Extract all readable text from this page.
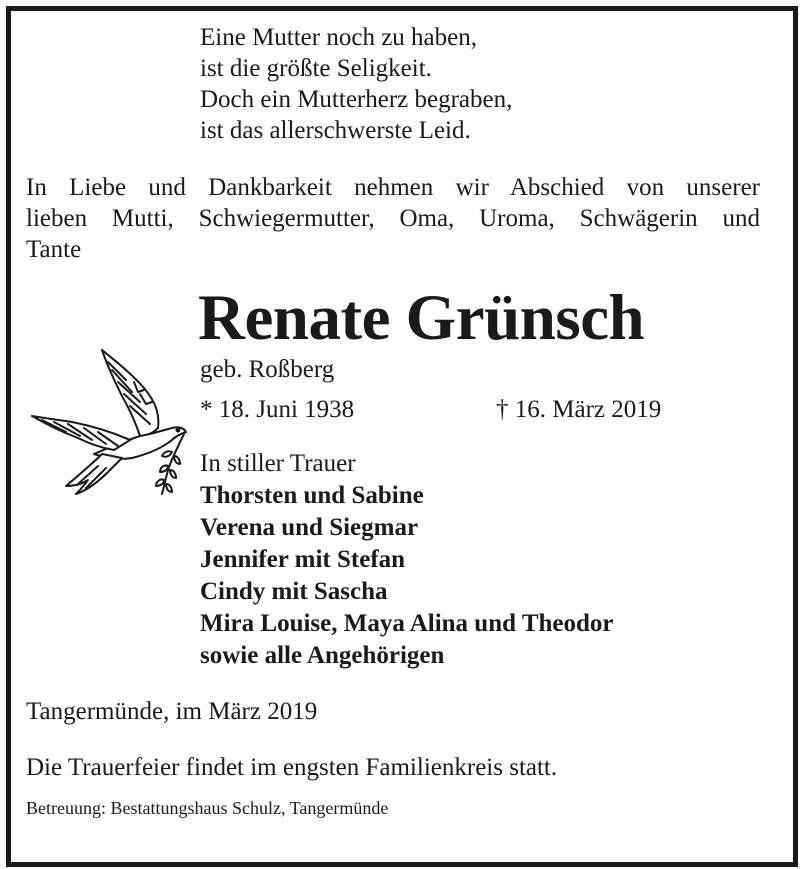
Eine Mutter noch zu haben,
ist die größte Seligkeit.
Doch ein Mutterherz begraben,
ist das allerschwerste Leid.
In Liebe und Dankbarkeit nehmen wir Abschied von unserer
lieben Mutti, Schwiegermutter, Oma, Uroma, Schwägerin und
Tante
Renate Grünsch
geb. Roßberg
* 18. Juni 1938	† 16. März 2019
In stiller Trauer
Thorsten und Sabine
Verena und Siegmar
Jennifer mit Stefan
Cindy mit Sascha
Mira Louise, Maya Alina und Theodor
sowie alle Angehörigen
Tangermünde, im März 2019
Die Trauerfeier findet im engsten Familienkreis statt.
Betreuung: Bestattungshaus Schulz, Tangermünde
